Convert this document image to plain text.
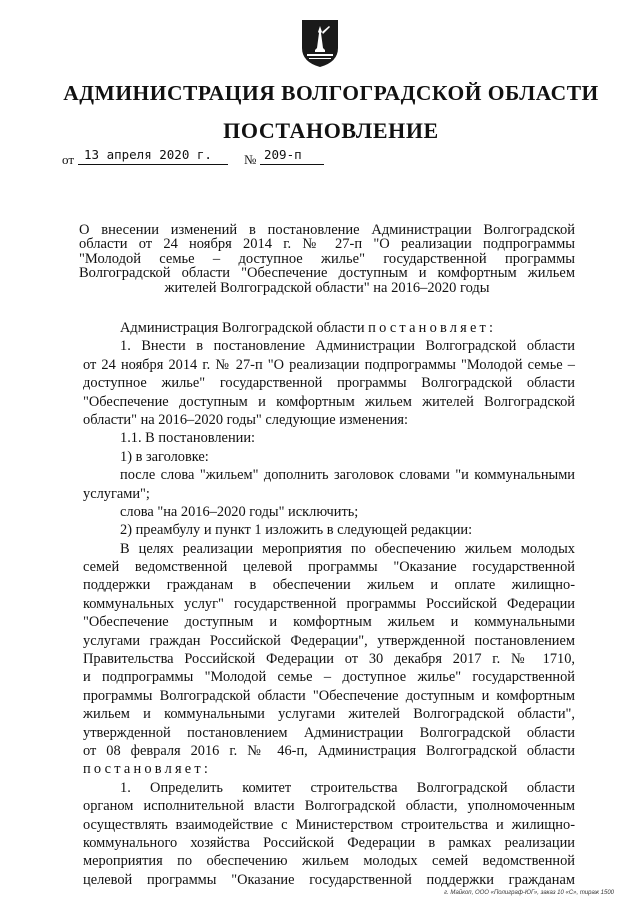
АДМИНИСТРАЦИЯ ВОЛГОГРАДСКОЙ ОБЛАСТИ
ПОСТАНОВЛЕНИЕ
от 13 апреля 2020 г. № 209-п
О внесении изменений в постановление Администрации Волгоградской
области от 24 ноября 2014 г. № 27-п "О реализации подпрограммы
"Молодой семье – доступное жилье" государственной программы
Волгоградской области "Обеспечение доступным и комфортным жильем
жителей Волгоградской области" на 2016–2020 годы
Администрация Волгоградской области постановляет:
1. Внести в постановление Администрации Волгоградской области
от 24 ноября 2014 г. № 27-п "О реализации подпрограммы "Молодой семье –
доступное жилье" государственной программы Волгоградской области
"Обеспечение доступным и комфортным жильем жителей Волгоградской
области" на 2016–2020 годы" следующие изменения:
1.1. В постановлении:
1) в заголовке:
после слова "жильем" дополнить заголовок словами "и коммунальными
услугами";
слова "на 2016–2020 годы" исключить;
2) преамбулу и пункт 1 изложить в следующей редакции:
В целях реализации мероприятия по обеспечению жильем молодых
семей ведомственной целевой программы "Оказание государственной
поддержки гражданам в обеспечении жильем и оплате жилищно-
коммунальных услуг" государственной программы Российской Федерации
"Обеспечение доступным и комфортным жильем и коммунальными
услугами граждан Российской Федерации", утвержденной постановлением
Правительства Российской Федерации от 30 декабря 2017 г. № 1710,
и подпрограммы "Молодой семье – доступное жилье" государственной
программы Волгоградской области "Обеспечение доступным и комфортным
жильем и коммунальными услугами жителей Волгоградской области",
утвержденной постановлением Администрации Волгоградской области
от 08 февраля 2016 г. № 46-п, Администрация Волгоградской области
постановляет:
1. Определить комитет строительства Волгоградской области
органом исполнительной власти Волгоградской области, уполномоченным
осуществлять взаимодействие с Министерством строительства и жилищно-
коммунального хозяйства Российской Федерации в рамках реализации
мероприятия по обеспечению жильем молодых семей ведомственной
целевой программы "Оказание государственной поддержки гражданам
г. Майкоп, ООО «Полиграф-ЮГ», заказ 10 «С», тираж 1500
